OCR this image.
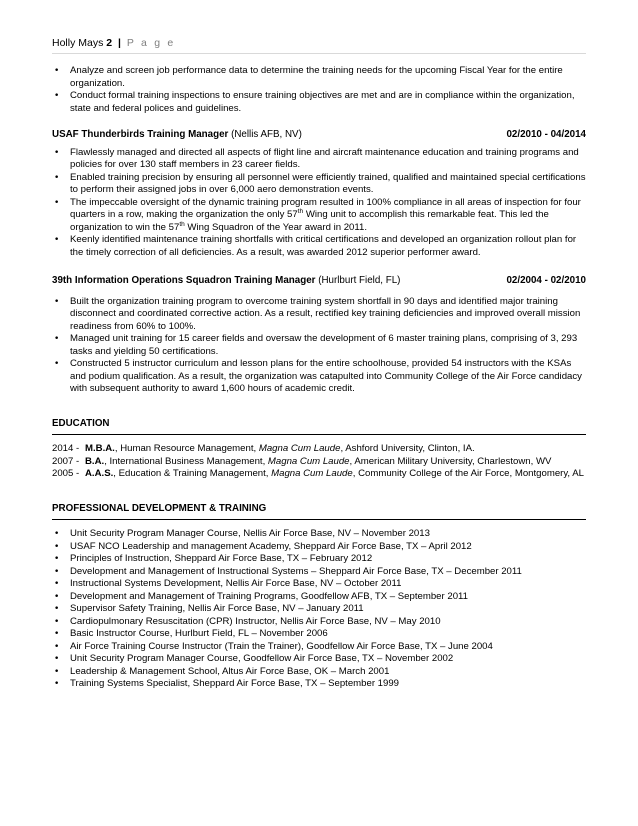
Holly Mays 2 | P a g e
• Analyze and screen job performance data to determine the training needs for the upcoming Fiscal Year for the entire organization.
• Conduct formal training inspections to ensure training objectives are met and are in compliance within the organization, state and federal polices and guidelines.
USAF Thunderbirds Training Manager (Nellis AFB, NV)	02/2010 - 04/2014
• Flawlessly managed and directed all aspects of flight line and aircraft maintenance education and training programs and policies for over 130 staff members in 23 career fields.
• Enabled training precision by ensuring all personnel were efficiently trained, qualified and maintained special certifications to perform their assigned jobs in over 6,000 aero demonstration events.
• The impeccable oversight of the dynamic training program resulted in 100% compliance in all areas of inspection for four quarters in a row, making the organization the only 57th Wing unit to accomplish this remarkable feat. This led the organization to win the 57th Wing Squadron of the Year award in 2011.
• Keenly identified maintenance training shortfalls with critical certifications and developed an organization rollout plan for the timely correction of all deficiencies. As a result, was awarded 2012 superior performer award.
39th Information Operations Squadron Training Manager (Hurlburt Field, FL)	02/2004 - 02/2010
• Built the organization training program to overcome training system shortfall in 90 days and identified major training disconnect and coordinated corrective action. As a result, rectified key training deficiencies and improved overall mission readiness from 60% to 100%.
• Managed unit training for 15 career fields and oversaw the development of 6 master training plans, comprising of 3, 293 tasks and yielding 50 certifications.
• Constructed 5 instructor curriculum and lesson plans for the entire schoolhouse, provided 54 instructors with the KSAs and podium qualification. As a result, the organization was catapulted into Community College of the Air Force candidacy with subsequent authority to award 1,600 hours of academic credit.
EDUCATION
2014 - M.B.A., Human Resource Management, Magna Cum Laude, Ashford University, Clinton, IA.
2007 - B.A., International Business Management, Magna Cum Laude, American Military University, Charlestown, WV
2005 - A.A.S., Education & Training Management, Magna Cum Laude, Community College of the Air Force, Montgomery, AL
PROFESSIONAL DEVELOPMENT & TRAINING
• Unit Security Program Manager Course, Nellis Air Force Base, NV – November 2013
• USAF NCO Leadership and management Academy, Sheppard Air Force Base, TX – April 2012
• Principles of Instruction, Sheppard Air Force Base, TX – February 2012
• Development and Management of Instructional Systems – Sheppard Air Force Base, TX – December 2011
• Instructional Systems Development, Nellis Air Force Base, NV – October 2011
• Development and Management of Training Programs, Goodfellow AFB, TX – September 2011
• Supervisor Safety Training, Nellis Air Force Base, NV – January 2011
• Cardiopulmonary Resuscitation (CPR) Instructor, Nellis Air Force Base, NV – May 2010
• Basic Instructor Course, Hurlburt Field, FL – November 2006
• Air Force Training Course Instructor (Train the Trainer), Goodfellow Air Force Base, TX – June 2004
• Unit Security Program Manager Course, Goodfellow Air Force Base, TX – November 2002
• Leadership & Management School, Altus Air Force Base, OK – March 2001
• Training Systems Specialist, Sheppard Air Force Base, TX – September 1999
